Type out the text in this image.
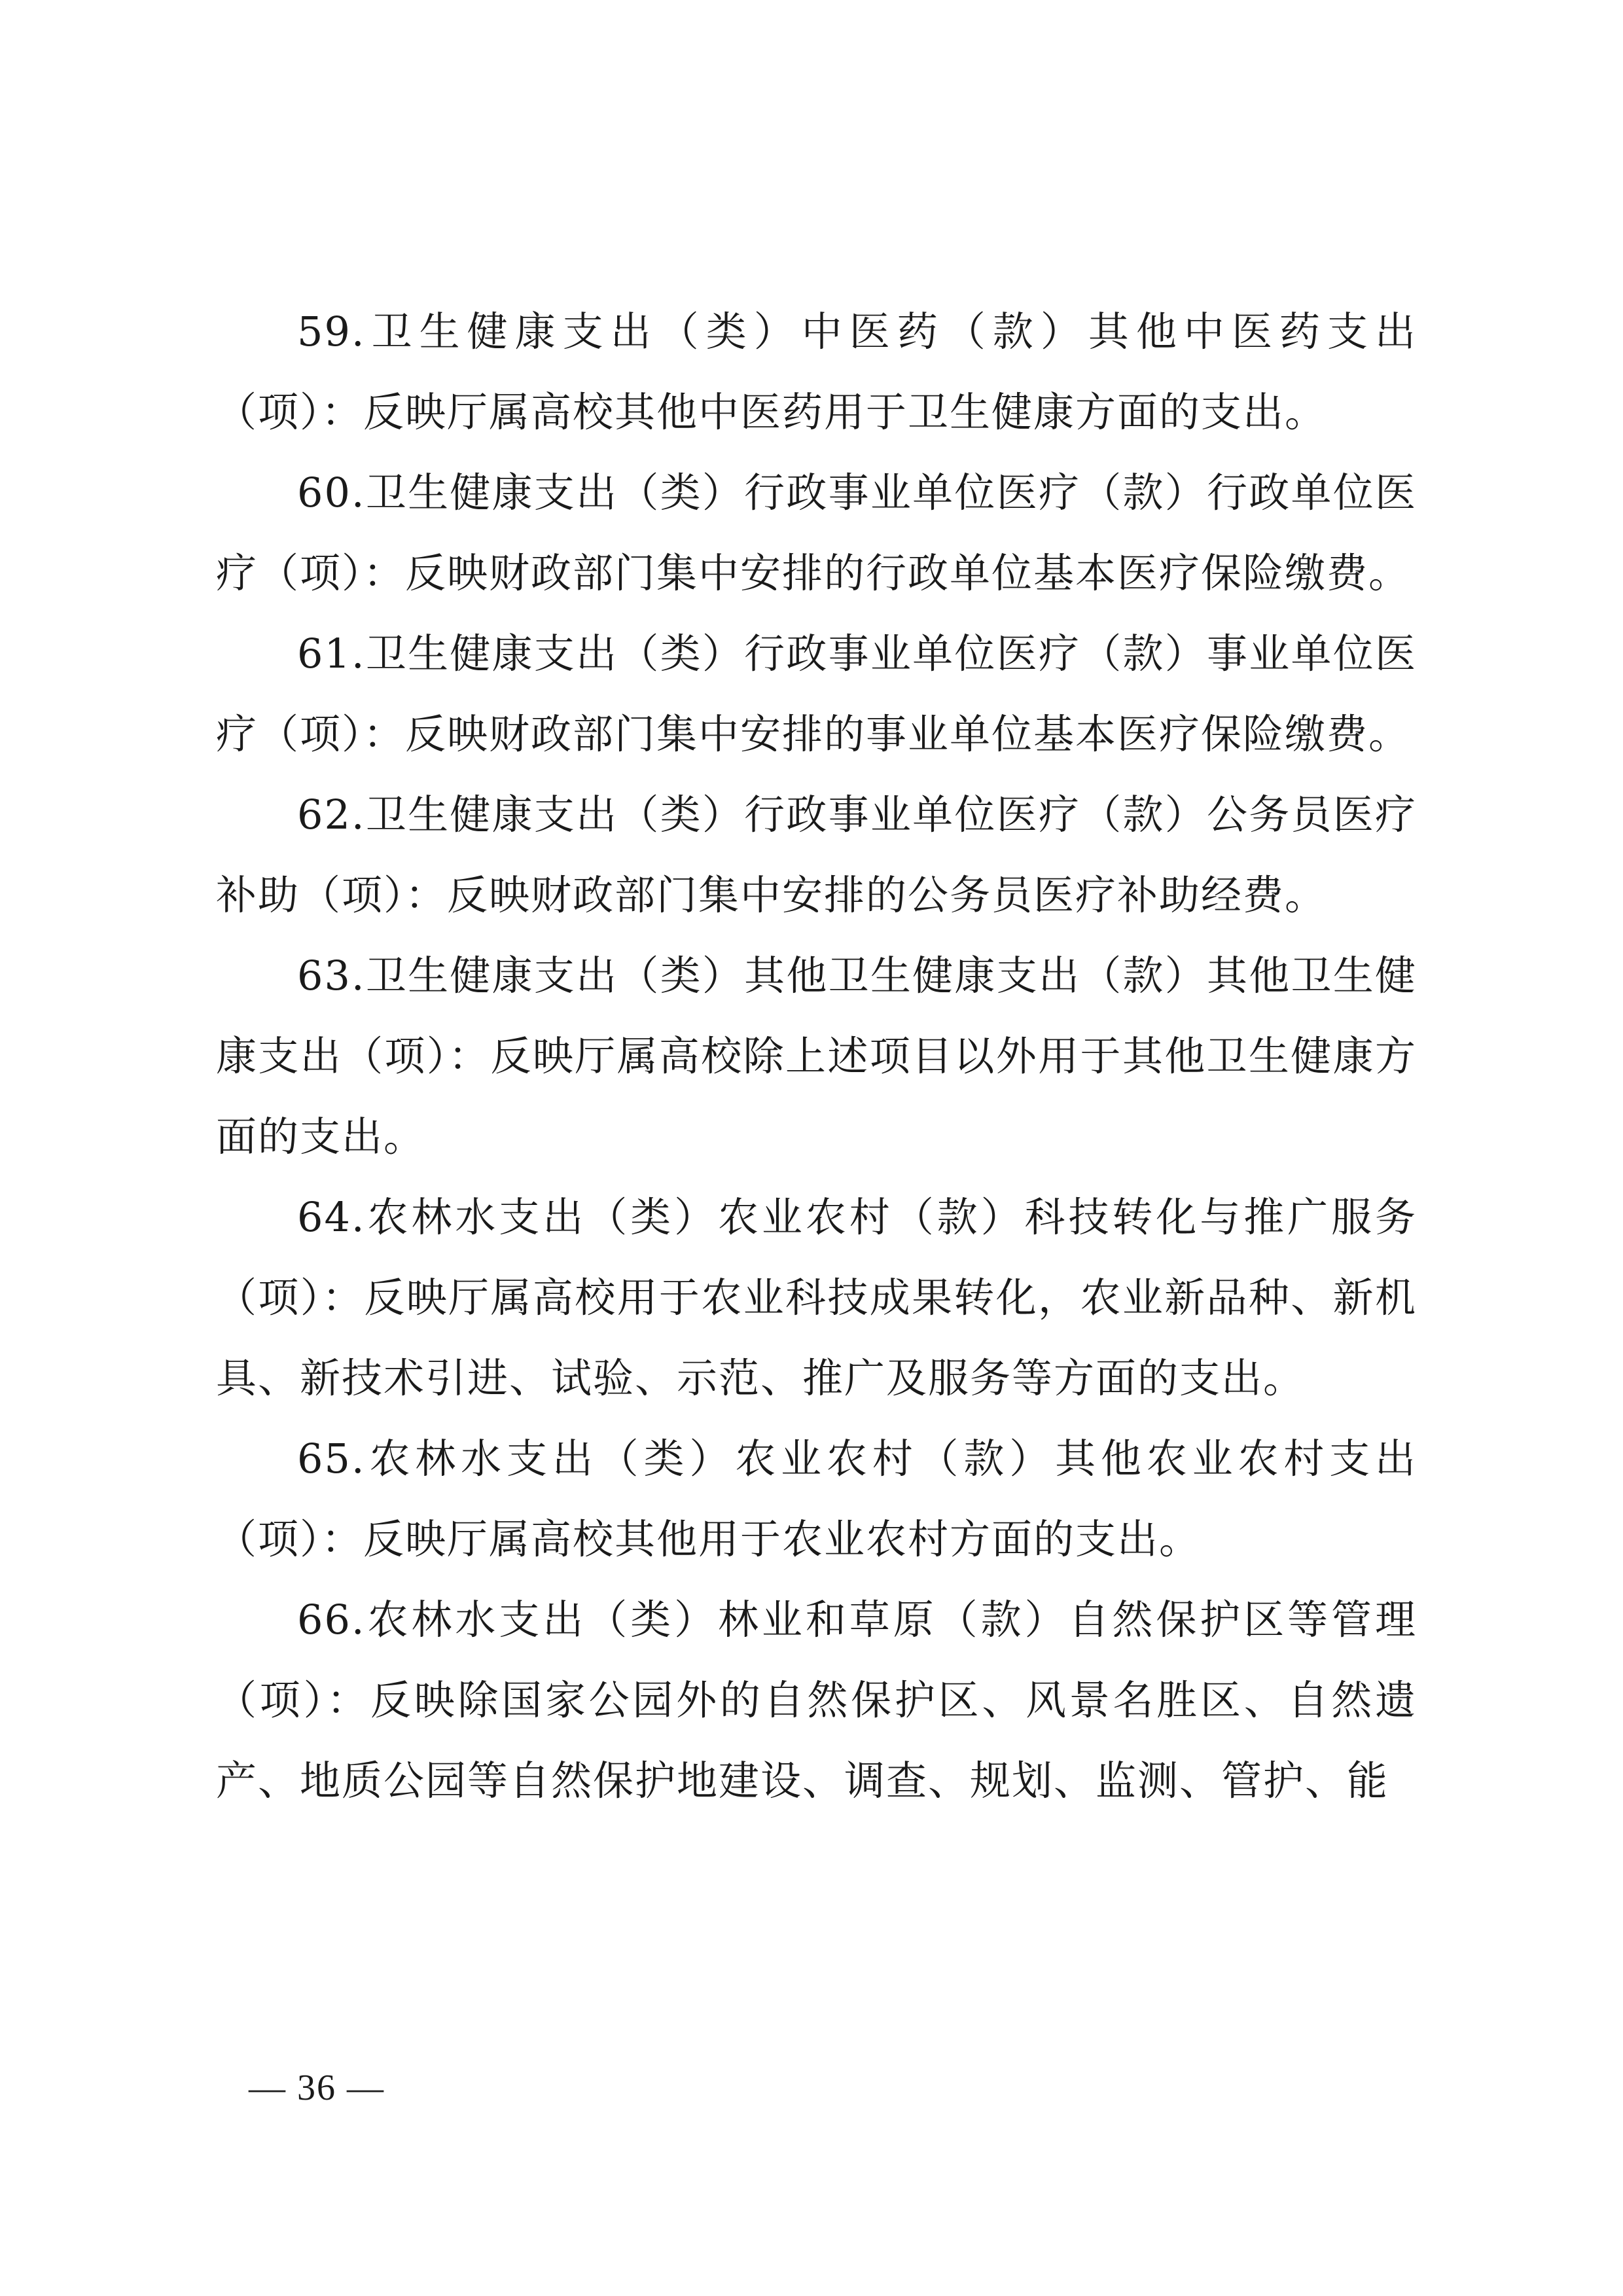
59.卫生健康支出（类）中医药（款）其他中医药支出（项）：反映厅属高校其他中医药用于卫生健康方面的支出。

60.卫生健康支出（类）行政事业单位医疗（款）行政单位医疗（项）：反映财政部门集中安排的行政单位基本医疗保险缴费。

61.卫生健康支出（类）行政事业单位医疗（款）事业单位医疗（项）：反映财政部门集中安排的事业单位基本医疗保险缴费。

62.卫生健康支出（类）行政事业单位医疗（款）公务员医疗补助（项）：反映财政部门集中安排的公务员医疗补助经费。

63.卫生健康支出（类）其他卫生健康支出（款）其他卫生健康支出（项）：反映厅属高校除上述项目以外用于其他卫生健康方面的支出。

64.农林水支出（类）农业农村（款）科技转化与推广服务（项）：反映厅属高校用于农业科技成果转化，农业新品种、新机具、新技术引进、试验、示范、推广及服务等方面的支出。

65.农林水支出（类）农业农村（款）其他农业农村支出（项）：反映厅属高校其他用于农业农村方面的支出。

66.农林水支出（类）林业和草原（款）自然保护区等管理（项）：反映除国家公园外的自然保护区、风景名胜区、自然遗产、地质公园等自然保护地建设、调查、规划、监测、管护、能

— 36 —
